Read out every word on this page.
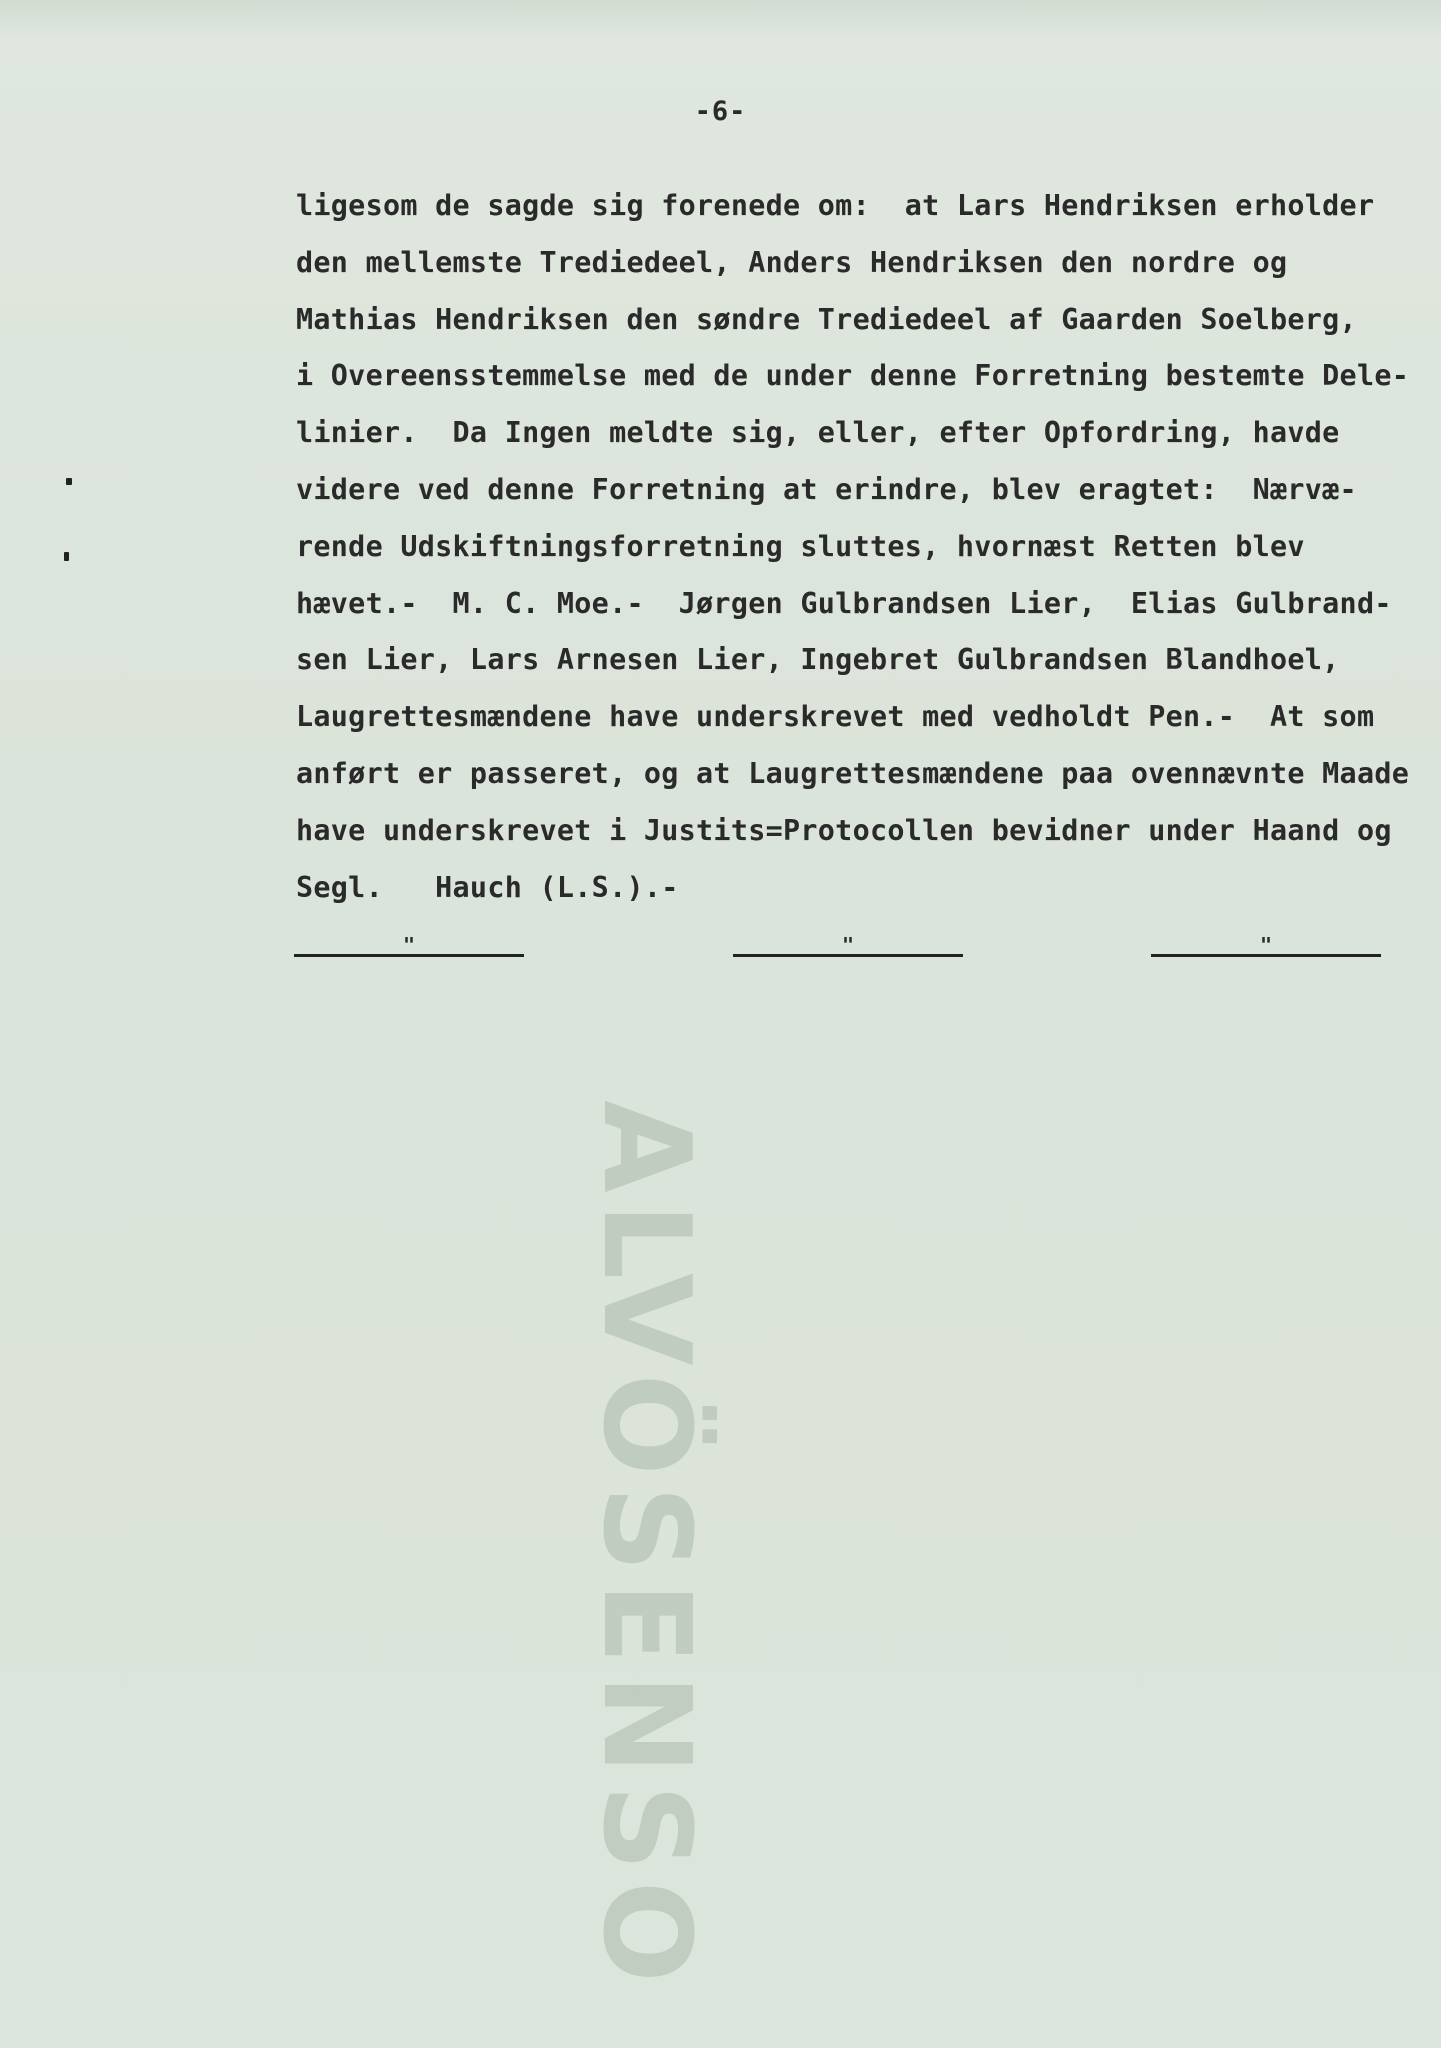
ALVÖSENSO
-6-
ligesom de sagde sig forenede om:  at Lars Hendriksen erholder
den mellemste Trediedeel, Anders Hendriksen den nordre og
Mathias Hendriksen den søndre Trediedeel af Gaarden Soelberg,
i Overeensstemmelse med de under denne Forretning bestemte Dele-
linier.  Da Ingen meldte sig, eller, efter Opfordring, havde
videre ved denne Forretning at erindre, blev eragtet:  Nærvæ-
rende Udskiftningsforretning sluttes, hvornæst Retten blev
hævet.-  M. C. Moe.-  Jørgen Gulbrandsen Lier,  Elias Gulbrand-
sen Lier, Lars Arnesen Lier, Ingebret Gulbrandsen Blandhoel,
Laugrettesmændene have underskrevet med vedholdt Pen.-  At som
anført er passeret, og at Laugrettesmændene paa ovennævnte Maade
have underskrevet i Justits=Protocollen bevidner under Haand og
Segl.   Hauch (L.S.).-
"	"	"
